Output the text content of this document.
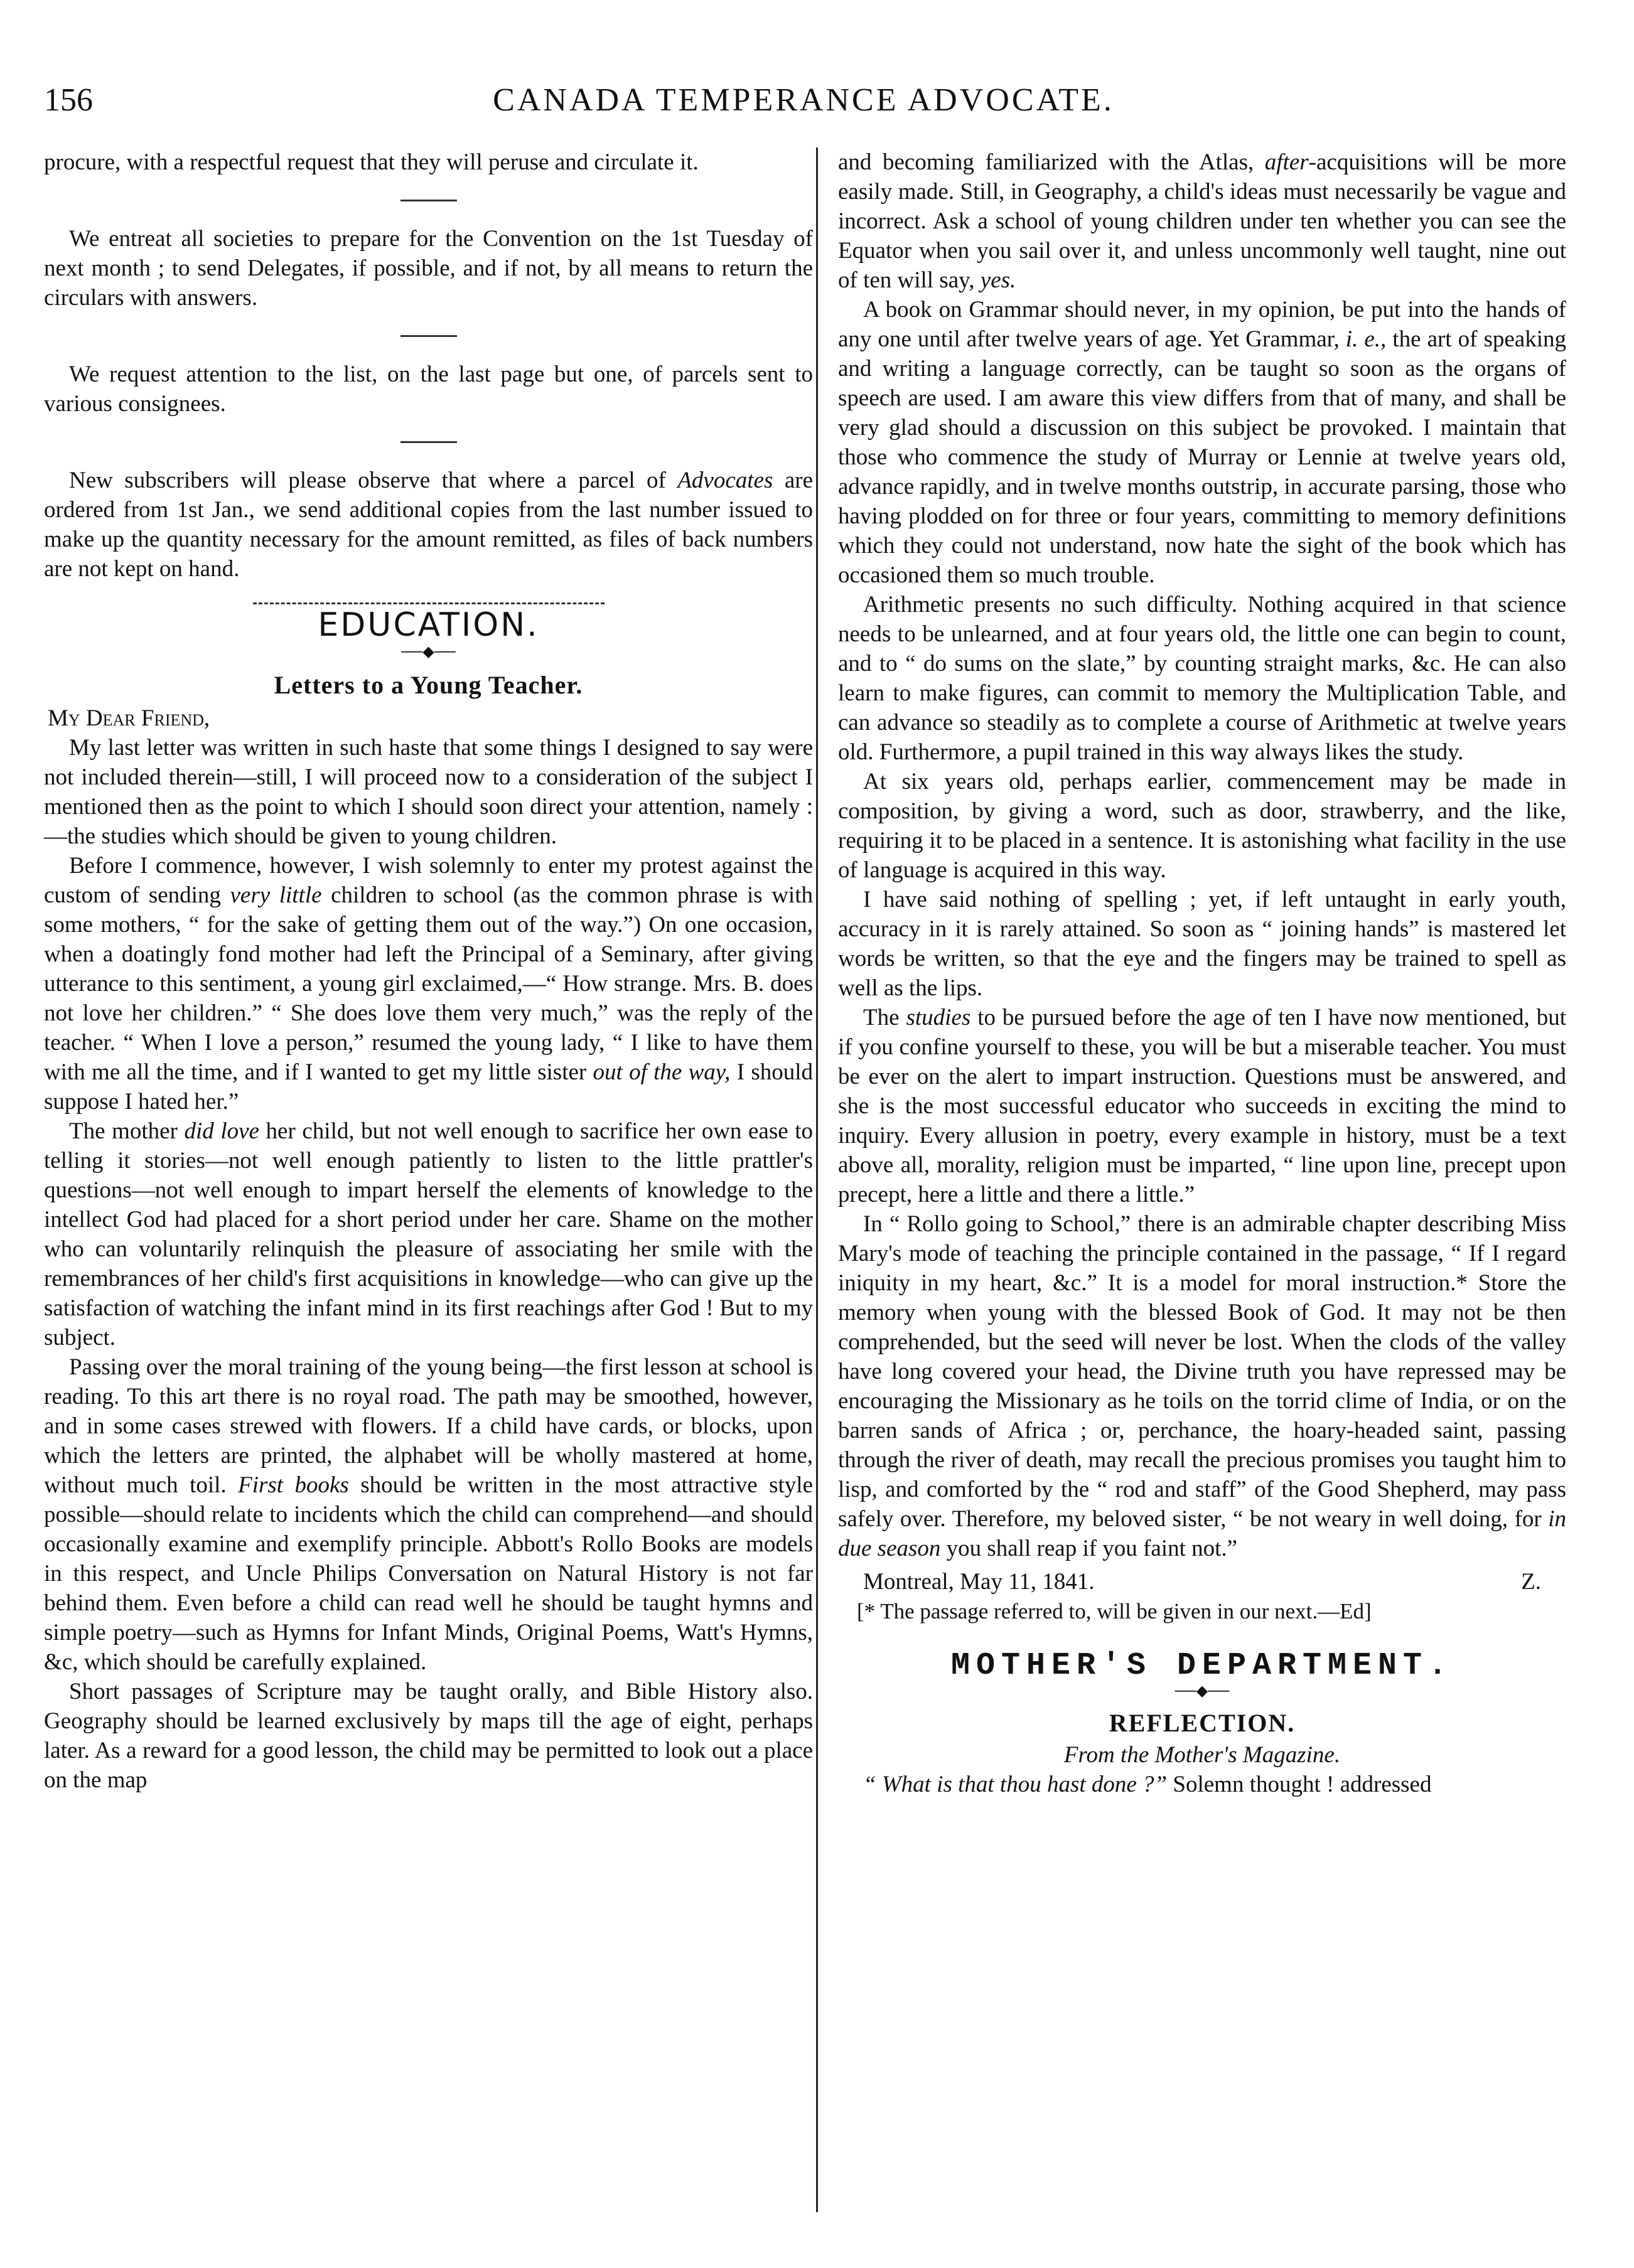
156	CANADA TEMPERANCE ADVOCATE.

procure, with a respectful request that they will peruse and circulate it.

We entreat all societies to prepare for the Convention on the 1st Tuesday of next month ; to send Delegates, if possible, and if not, by all means to return the circulars with answers.

We request attention to the list, on the last page but one, of parcels sent to various consignees.

New subscribers will please observe that where a parcel of Advocates are ordered from 1st Jan., we send additional copies from the last number issued to make up the quantity necessary for the amount remitted, as files of back numbers are not kept on hand.

EDUCATION.
──◆──
Letters to a Young Teacher.

My Dear Friend,

My last letter was written in such haste that some things I designed to say were not included therein—still, I will proceed now to a consideration of the subject I mentioned then as the point to which I should soon direct your attention, namely :—the studies which should be given to young children.

Before I commence, however, I wish solemnly to enter my protest against the custom of sending very little children to school (as the common phrase is with some mothers, “ for the sake of getting them out of the way.”) On one occasion, when a doatingly fond mother had left the Principal of a Seminary, after giving utterance to this sentiment, a young girl exclaimed,—“ How strange. Mrs. B. does not love her children.” “ She does love them very much,” was the reply of the teacher. “ When I love a person,” resumed the young lady, “ I like to have them with me all the time, and if I wanted to get my little sister out of the way, I should suppose I hated her.”

The mother did love her child, but not well enough to sacrifice her own ease to telling it stories—not well enough patiently to listen to the little prattler's questions—not well enough to impart herself the elements of knowledge to the intellect God had placed for a short period under her care. Shame on the mother who can voluntarily relinquish the pleasure of associating her smile with the remembrances of her child's first acquisitions in knowledge—who can give up the satisfaction of watching the infant mind in its first reachings after God ! But to my subject.

Passing over the moral training of the young being—the first lesson at school is reading. To this art there is no royal road. The path may be smoothed, however, and in some cases strewed with flowers. If a child have cards, or blocks, upon which the letters are printed, the alphabet will be wholly mastered at home, without much toil. First books should be written in the most attractive style possible—should relate to incidents which the child can comprehend—and should occasionally examine and exemplify principle. Abbott's Rollo Books are models in this respect, and Uncle Philips Conversation on Natural History is not far behind them. Even before a child can read well he should be taught hymns and simple poetry—such as Hymns for Infant Minds, Original Poems, Watt's Hymns, &c, which should be carefully explained.

Short passages of Scripture may be taught orally, and Bible History also. Geography should be learned exclusively by maps till the age of eight, perhaps later. As a reward for a good lesson, the child may be permitted to look out a place on the map

and becoming familiarized with the Atlas, after-acquisitions will be more easily made. Still, in Geography, a child's ideas must necessarily be vague and incorrect. Ask a school of young children under ten whether you can see the Equator when you sail over it, and unless uncommonly well taught, nine out of ten will say, yes.

A book on Grammar should never, in my opinion, be put into the hands of any one until after twelve years of age. Yet Grammar, i. e., the art of speaking and writing a language correctly, can be taught so soon as the organs of speech are used. I am aware this view differs from that of many, and shall be very glad should a discussion on this subject be provoked. I maintain that those who commence the study of Murray or Lennie at twelve years old, advance rapidly, and in twelve months outstrip, in accurate parsing, those who having plodded on for three or four years, committing to memory definitions which they could not understand, now hate the sight of the book which has occasioned them so much trouble.

Arithmetic presents no such difficulty. Nothing acquired in that science needs to be unlearned, and at four years old, the little one can begin to count, and to “ do sums on the slate,” by counting straight marks, &c. He can also learn to make figures, can commit to memory the Multiplication Table, and can advance so steadily as to complete a course of Arithmetic at twelve years old. Furthermore, a pupil trained in this way always likes the study.

At six years old, perhaps earlier, commencement may be made in composition, by giving a word, such as door, strawberry, and the like, requiring it to be placed in a sentence. It is astonishing what facility in the use of language is acquired in this way.

I have said nothing of spelling ; yet, if left untaught in early youth, accuracy in it is rarely attained. So soon as “ joining hands” is mastered let words be written, so that the eye and the fingers may be trained to spell as well as the lips.

The studies to be pursued before the age of ten I have now mentioned, but if you confine yourself to these, you will be but a miserable teacher. You must be ever on the alert to impart instruction. Questions must be answered, and she is the most successful educator who succeeds in exciting the mind to inquiry. Every allusion in poetry, every example in history, must be a text above all, morality, religion must be imparted, “ line upon line, precept upon precept, here a little and there a little.”

In “ Rollo going to School,” there is an admirable chapter describing Miss Mary's mode of teaching the principle contained in the passage, “ If I regard iniquity in my heart, &c.” It is a model for moral instruction.* Store the memory when young with the blessed Book of God. It may not be then comprehended, but the seed will never be lost. When the clods of the valley have long covered your head, the Divine truth you have repressed may be encouraging the Missionary as he toils on the torrid clime of India, or on the barren sands of Africa ; or, perchance, the hoary-headed saint, passing through the river of death, may recall the precious promises you taught him to lisp, and comforted by the “ rod and staff” of the Good Shepherd, may pass safely over. Therefore, my beloved sister, “ be not weary in well doing, for in due season you shall reap if you faint not.”

Montreal, May 11, 1841.	Z.

[* The passage referred to, will be given in our next.—Ed]

MOTHER'S DEPARTMENT.
──◆──
REFLECTION.

From the Mother's Magazine.

“ What is that thou hast done ?” Solemn thought ! addressed
